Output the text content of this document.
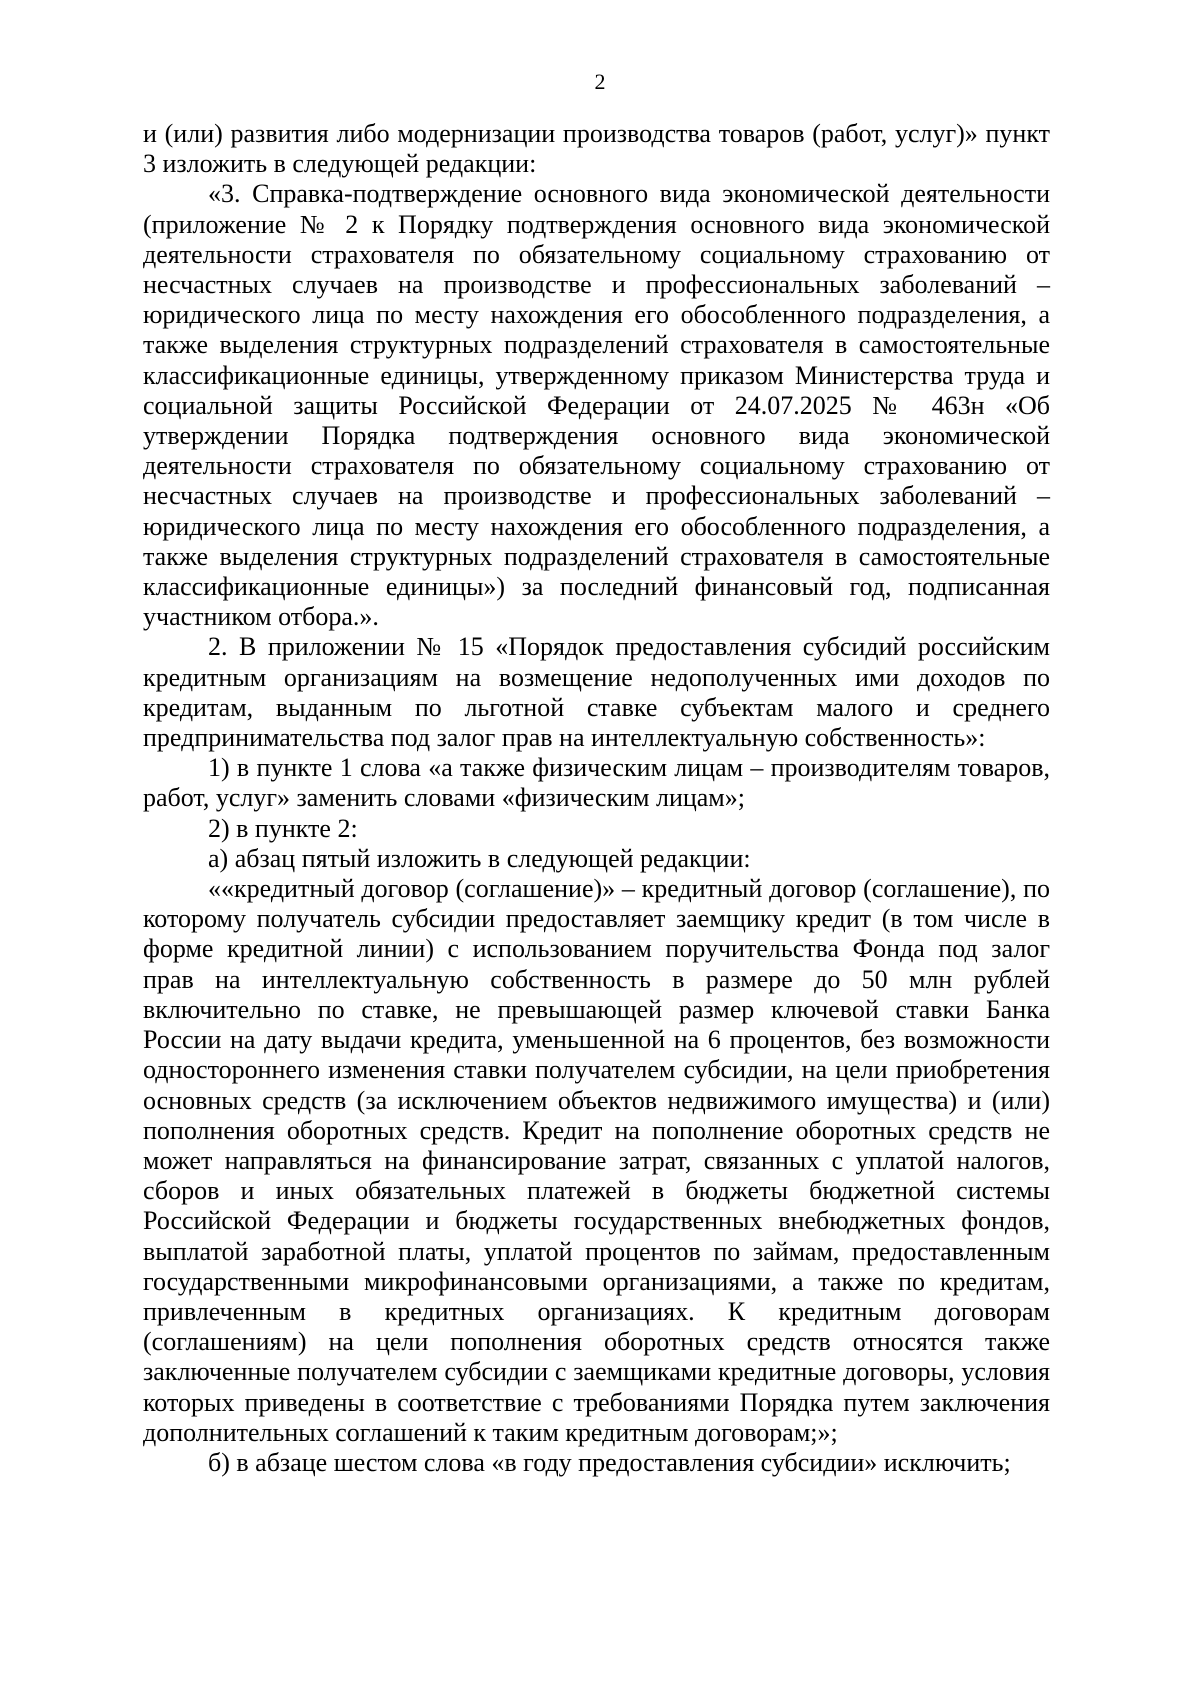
2

и (или) развития либо модернизации производства товаров (работ, услуг)» пункт 3 изложить в следующей редакции:

«3. Справка-подтверждение основного вида экономической деятельности (приложение № 2 к Порядку подтверждения основного вида экономической деятельности страхователя по обязательному социальному страхованию от несчастных случаев на производстве и профессиональных заболеваний – юридического лица по месту нахождения его обособленного подразделения, а также выделения структурных подразделений страхователя в самостоятельные классификационные единицы, утвержденному приказом Министерства труда и социальной защиты Российской Федерации от 24.07.2025 № 463н «Об утверждении Порядка подтверждения основного вида экономической деятельности страхователя по обязательному социальному страхованию от несчастных случаев на производстве и профессиональных заболеваний – юридического лица по месту нахождения его обособленного подразделения, а также выделения структурных подразделений страхователя в самостоятельные классификационные единицы») за последний финансовый год, подписанная участником отбора.».

2. В приложении № 15 «Порядок предоставления субсидий российским кредитным организациям на возмещение недополученных ими доходов по кредитам, выданным по льготной ставке субъектам малого и среднего предпринимательства под залог прав на интеллектуальную собственность»:

1) в пункте 1 слова «а также физическим лицам – производителям товаров, работ, услуг» заменить словами «физическим лицам»;

2) в пункте 2:

а) абзац пятый изложить в следующей редакции:

««кредитный договор (соглашение)» – кредитный договор (соглашение), по которому получатель субсидии предоставляет заемщику кредит (в том числе в форме кредитной линии) с использованием поручительства Фонда под залог прав на интеллектуальную собственность в размере до 50 млн рублей включительно по ставке, не превышающей размер ключевой ставки Банка России на дату выдачи кредита, уменьшенной на 6 процентов, без возможности одностороннего изменения ставки получателем субсидии, на цели приобретения основных средств (за исключением объектов недвижимого имущества) и (или) пополнения оборотных средств. Кредит на пополнение оборотных средств не может направляться на финансирование затрат, связанных с уплатой налогов, сборов и иных обязательных платежей в бюджеты бюджетной системы Российской Федерации и бюджеты государственных внебюджетных фондов, выплатой заработной платы, уплатой процентов по займам, предоставленным государственными микрофинансовыми организациями, а также по кредитам, привлеченным в кредитных организациях. К кредитным договорам (соглашениям) на цели пополнения оборотных средств относятся также заключенные получателем субсидии с заемщиками кредитные договоры, условия которых приведены в соответствие с требованиями Порядка путем заключения дополнительных соглашений к таким кредитным договорам;»;

б) в абзаце шестом слова «в году предоставления субсидии» исключить;
